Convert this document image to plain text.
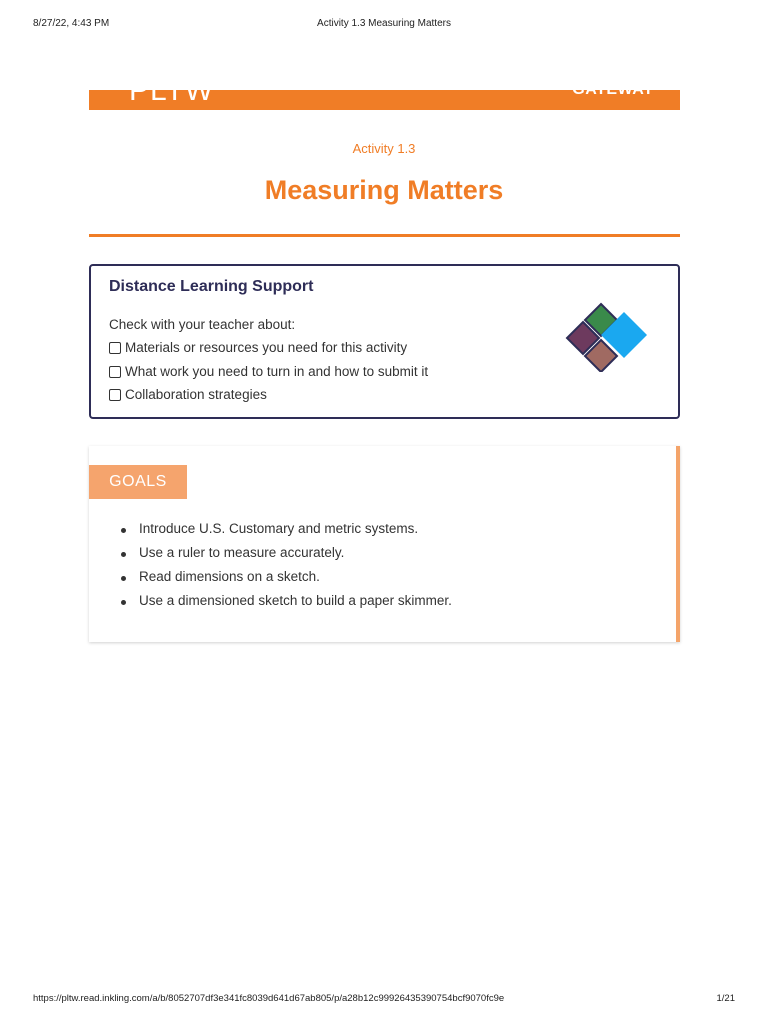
8/27/22, 4:43 PM	Activity 1.3 Measuring Matters
PLTW	GATEWAY
Activity 1.3
Measuring Matters
Distance Learning Support
Check with your teacher about:
Materials or resources you need for this activity
What work you need to turn in and how to submit it
Collaboration strategies
GOALS
Introduce U.S. Customary and metric systems.
Use a ruler to measure accurately.
Read dimensions on a sketch.
Use a dimensioned sketch to build a paper skimmer.
https://pltw.read.inkling.com/a/b/8052707df3e341fc8039d641d67ab805/p/a28b12c99926435390754bcf9070fc9e	1/21
